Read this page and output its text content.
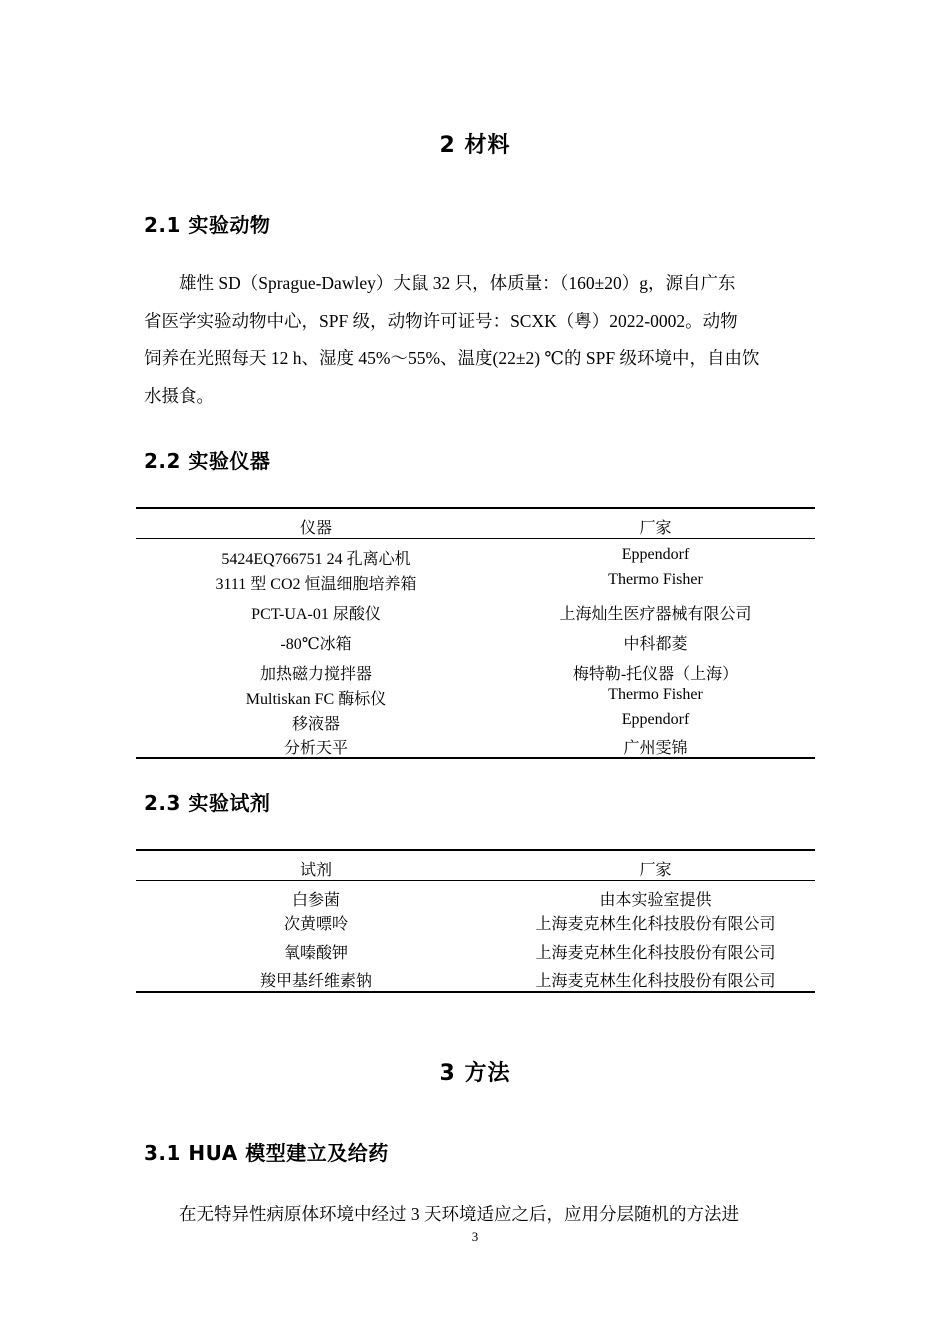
2 材料
2.1 实验动物
雄性 SD（Sprague-Dawley）大鼠 32 只，体质量：（160±20）g，源自广东
省医学实验动物中心，SPF 级，动物许可证号：SCXK（粤）2022-0002。动物
饲养在光照每天 12 h、湿度 45%～55%、温度(22±2) ℃的 SPF 级环境中，自由饮
水摄食。
2.2 实验仪器
仪器	厂家
5424EQ766751 24 孔离心机	Eppendorf
3111 型 CO2 恒温细胞培养箱	Thermo Fisher
PCT-UA-01 尿酸仪	上海灿生医疗器械有限公司
-80℃冰箱	中科都菱
加热磁力搅拌器	梅特勒-托仪器（上海）
Multiskan FC 酶标仪	Thermo Fisher
移液器	Eppendorf
分析天平	广州雯锦
2.3 实验试剂
试剂	厂家
白参菌	由本实验室提供
次黄嘌呤	上海麦克林生化科技股份有限公司
氧嗪酸钾	上海麦克林生化科技股份有限公司
羧甲基纤维素钠	上海麦克林生化科技股份有限公司
3 方法
3.1 HUA 模型建立及给药
在无特异性病原体环境中经过 3 天环境适应之后，应用分层随机的方法进
3
